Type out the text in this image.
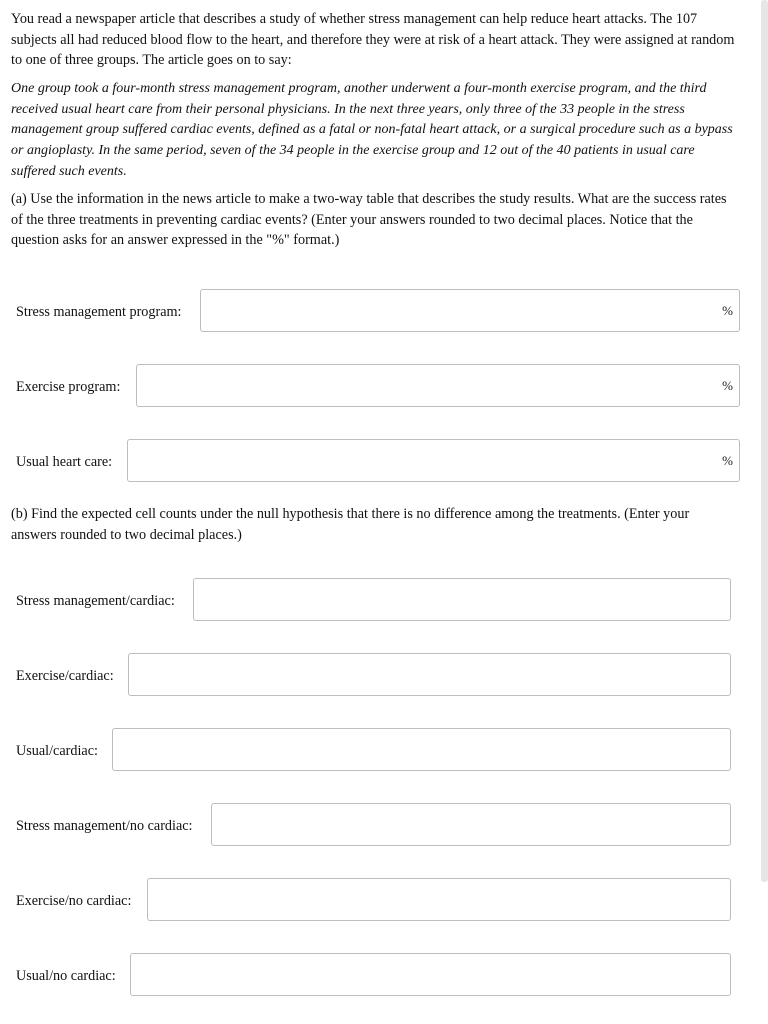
You read a newspaper article that describes a study of whether stress management can help reduce heart attacks. The 107 subjects all had reduced blood flow to the heart, and therefore they were at risk of a heart attack. They were assigned at random to one of three groups. The article goes on to say:

One group took a four-month stress management program, another underwent a four-month exercise program, and the third received usual heart care from their personal physicians. In the next three years, only three of the 33 people in the stress management group suffered cardiac events, defined as a fatal or non-fatal heart attack, or a surgical procedure such as a bypass or angioplasty. In the same period, seven of the 34 people in the exercise group and 12 out of the 40 patients in usual care suffered such events.

(a) Use the information in the news article to make a two-way table that describes the study results. What are the success rates of the three treatments in preventing cardiac events? (Enter your answers rounded to two decimal places. Notice that the question asks for an answer expressed in the "%" format.)

Stress management program:	%
Exercise program:	%
Usual heart care:	%

(b) Find the expected cell counts under the null hypothesis that there is no difference among the treatments. (Enter your answers rounded to two decimal places.)

Stress management/cardiac:
Exercise/cardiac:
Usual/cardiac:
Stress management/no cardiac:
Exercise/no cardiac:
Usual/no cardiac:
